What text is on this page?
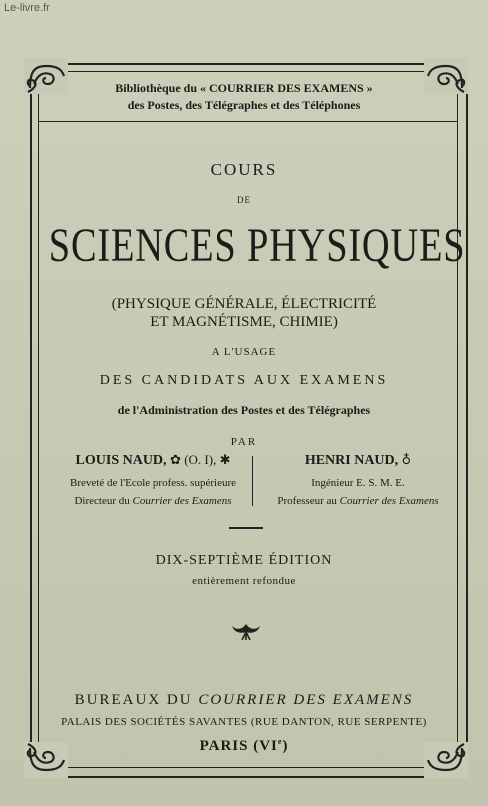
Le-livre.fr
Bibliothèque du « COURRIER DES EXAMENS »
des Postes, des Télégraphes et des Téléphones
COURS
DE
SCIENCES PHYSIQUES
(PHYSIQUE GÉNÉRALE, ÉLECTRICITÉ
ET MAGNÉTISME, CHIMIE)
A L'USAGE
DES CANDIDATS AUX EXAMENS
de l'Administration des Postes et des Télégraphes
PAR
LOUIS NAUD, ✿ (O. I), ✱
Breveté de l'Ecole profess. supérieure
Directeur du Courrier des Examens
HENRI NAUD, ♁
Ingénieur E. S. M. E.
Professeur au Courrier des Examens
DIX-SEPTIÈME ÉDITION
entièrement refondue
BUREAUX DU COURRIER DES EXAMENS
PALAIS DES SOCIÉTÉS SAVANTES (RUE DANTON, RUE SERPENTE)
PARIS (VIe)
